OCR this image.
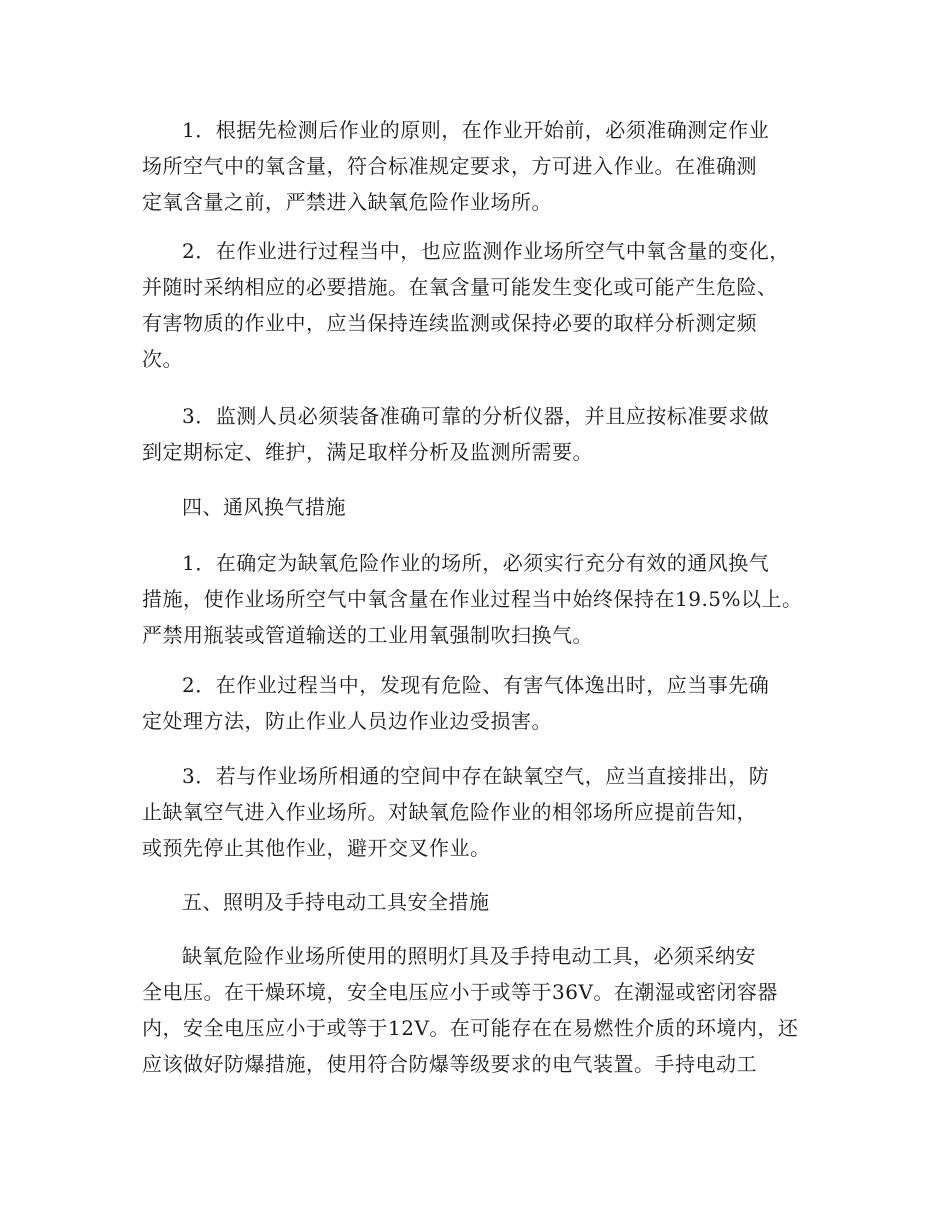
1．根据先检测后作业的原则，在作业开始前，必须准确测定作业
场所空气中的氧含量，符合标准规定要求，方可进入作业。在准确测
定氧含量之前，严禁进入缺氧危险作业场所。

2．在作业进行过程当中，也应监测作业场所空气中氧含量的变化，
并随时采纳相应的必要措施。在氧含量可能发生变化或可能产生危险、
有害物质的作业中，应当保持连续监测或保持必要的取样分析测定频
次。

3．监测人员必须装备准确可靠的分析仪器，并且应按标准要求做
到定期标定、维护，满足取样分析及监测所需要。

四、通风换气措施

1．在确定为缺氧危险作业的场所，必须实行充分有效的通风换气
措施，使作业场所空气中氧含量在作业过程当中始终保持在19.5%以上。
严禁用瓶装或管道输送的工业用氧强制吹扫换气。

2．在作业过程当中，发现有危险、有害气体逸出时，应当事先确
定处理方法，防止作业人员边作业边受损害。

3．若与作业场所相通的空间中存在缺氧空气，应当直接排出，防
止缺氧空气进入作业场所。对缺氧危险作业的相邻场所应提前告知，
或预先停止其他作业，避开交叉作业。

五、照明及手持电动工具安全措施

缺氧危险作业场所使用的照明灯具及手持电动工具，必须采纳安
全电压。在干燥环境，安全电压应小于或等于36V。在潮湿或密闭容器
内，安全电压应小于或等于12V。在可能存在在易燃性介质的环境内，还
应该做好防爆措施，使用符合防爆等级要求的电气装置。手持电动工
